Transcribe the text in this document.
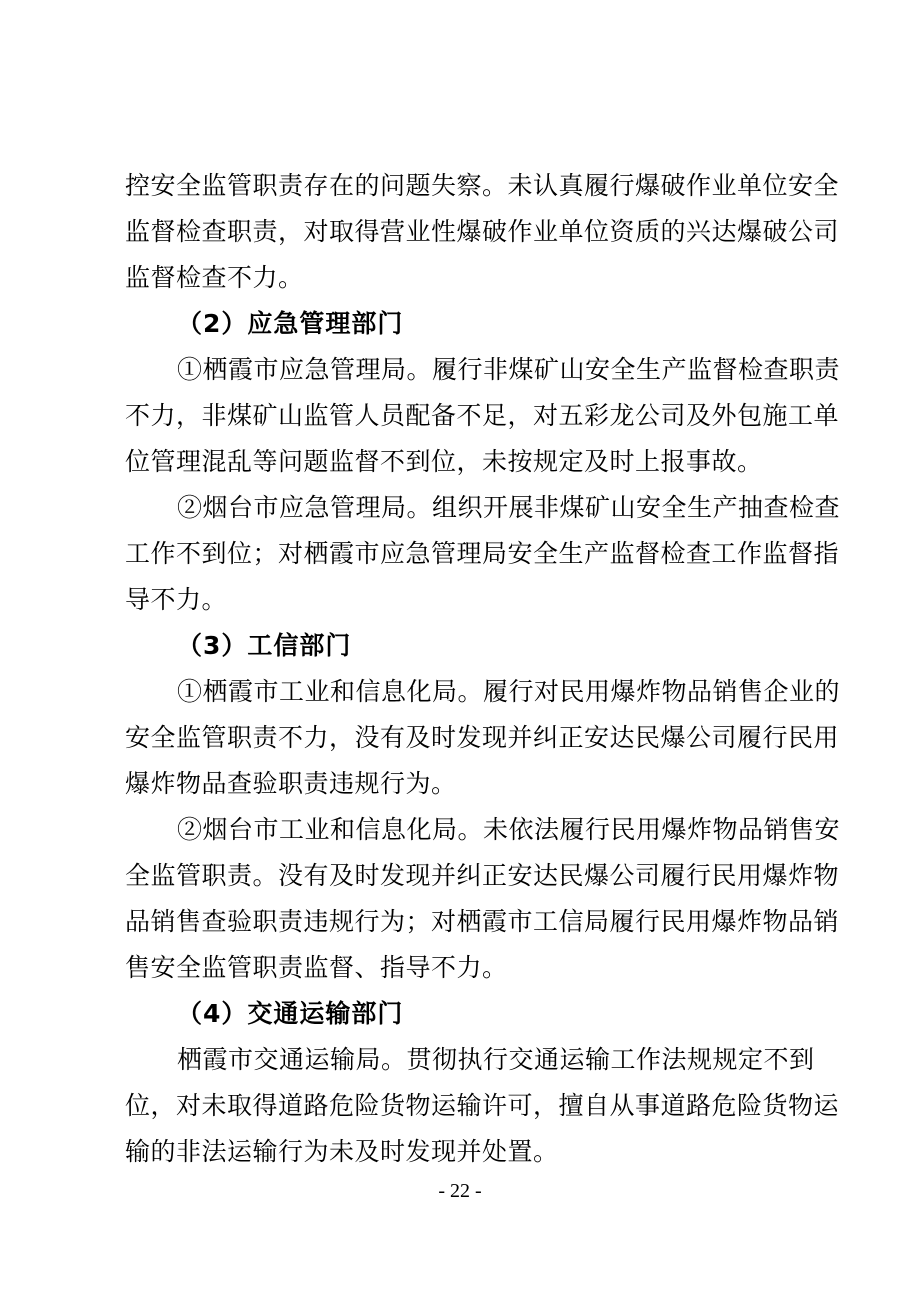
控安全监管职责存在的问题失察。未认真履行爆破作业单位安全
监督检查职责，对取得营业性爆破作业单位资质的兴达爆破公司
监督检查不力。
（2）应急管理部门
①栖霞市应急管理局。履行非煤矿山安全生产监督检查职责
不力，非煤矿山监管人员配备不足，对五彩龙公司及外包施工单
位管理混乱等问题监督不到位，未按规定及时上报事故。
②烟台市应急管理局。组织开展非煤矿山安全生产抽查检查
工作不到位；对栖霞市应急管理局安全生产监督检查工作监督指
导不力。
（3）工信部门
①栖霞市工业和信息化局。履行对民用爆炸物品销售企业的
安全监管职责不力，没有及时发现并纠正安达民爆公司履行民用
爆炸物品查验职责违规行为。
②烟台市工业和信息化局。未依法履行民用爆炸物品销售安
全监管职责。没有及时发现并纠正安达民爆公司履行民用爆炸物
品销售查验职责违规行为；对栖霞市工信局履行民用爆炸物品销
售安全监管职责监督、指导不力。
（4）交通运输部门
栖霞市交通运输局。贯彻执行交通运输工作法规规定不到
位，对未取得道路危险货物运输许可，擅自从事道路危险货物运
输的非法运输行为未及时发现并处置。
- 22 -
